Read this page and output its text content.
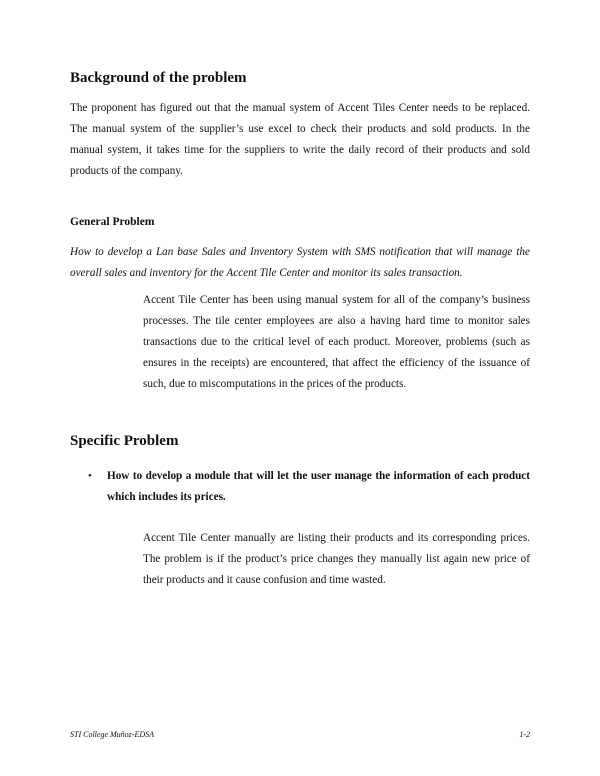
Background of the problem
The proponent has figured out that the manual system of Accent Tiles Center needs to be replaced. The manual system of the supplier’s use excel to check their products and sold products. In the manual system, it takes time for the suppliers to write the daily record of their products and sold products of the company.
General Problem
How to develop a Lan base Sales and Inventory System with SMS notification that will manage the overall sales and inventory for the Accent Tile Center and monitor its sales transaction.
Accent Tile Center has been using manual system for all of the company’s business processes. The tile center employees are also a having hard time to monitor sales transactions due to the critical level of each product. Moreover, problems (such as ensures in the receipts) are encountered, that affect the efficiency of the issuance of such, due to miscomputations in the prices of the products.
Specific Problem
• How to develop a module that will let the user manage the information of each product which includes its prices.
Accent Tile Center manually are listing their products and its corresponding prices. The problem is if the product’s price changes they manually list again new price of their products and it cause confusion and time wasted.
STI College Muñoz-EDSA	1-2
